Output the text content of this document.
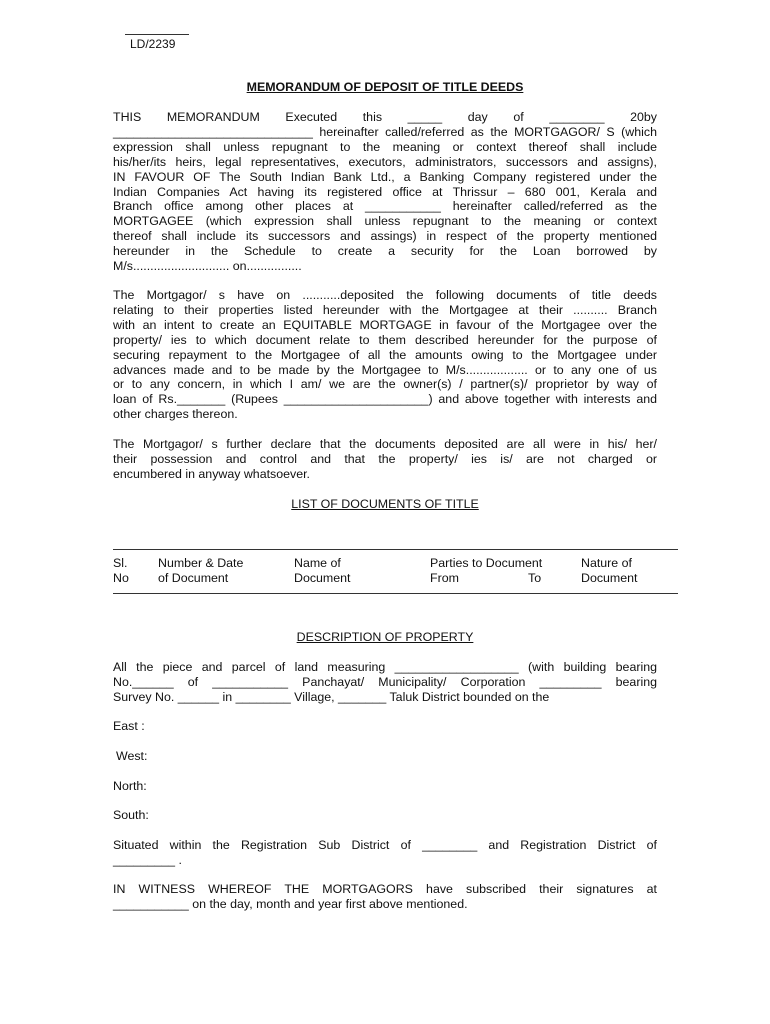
LD/2239
MEMORANDUM OF DEPOSIT OF TITLE DEEDS
THIS MEMORANDUM Executed this _____ day of ________ 20by
_____________________________ hereinafter called/referred as the MORTGAGOR/ S (which
expression shall unless repugnant to the meaning or context thereof shall include
his/her/its heirs, legal representatives, executors, administrators, successors and assigns),
IN FAVOUR OF The South Indian Bank Ltd., a Banking Company registered under the
Indian Companies Act having its registered office at Thrissur – 680 001, Kerala and
Branch office among other places at ___________ hereinafter called/referred as the
MORTGAGEE (which expression shall unless repugnant to the meaning or context
thereof shall include its successors and assings) in respect of the property mentioned
hereunder in the Schedule to create a security for the Loan borrowed by
M/s............................ on................
The Mortgagor/ s have on ...........deposited the following documents of title deeds
relating to their properties listed hereunder with the Mortgagee at their .......... Branch
with an intent to create an EQUITABLE MORTGAGE in favour of the Mortgagee over the
property/ ies to which document relate to them described hereunder for the purpose of
securing repayment to the Mortgagee of all the amounts owing to the Mortgagee under
advances made and to be made by the Mortgagee to M/s.................. or to any one of us
or to any concern, in which I am/ we are the owner(s) / partner(s)/ proprietor by way of
loan of Rs._______ (Rupees _____________________) and above together with interests and
other charges thereon.
The Mortgagor/ s further declare that the documents deposited are all were in his/ her/
their possession and control and that the property/ ies is/ are not charged or
encumbered in anyway whatsoever.
LIST OF DOCUMENTS OF TITLE
Sl.
No
Number & Date
of Document
Name of
Document
Parties to Document
From	To
Nature of
Document
DESCRIPTION OF PROPERTY
All the piece and parcel of land measuring __________________ (with building bearing
No.______ of ___________ Panchayat/ Municipality/ Corporation _________ bearing
Survey No. ______ in ________ Village, _______ Taluk District bounded on the
East :
West:
North:
South:
Situated within the Registration Sub District of ________ and Registration District of
_________ .
IN WITNESS WHEREOF THE MORTGAGORS have subscribed their signatures at
___________ on the day, month and year first above mentioned.
